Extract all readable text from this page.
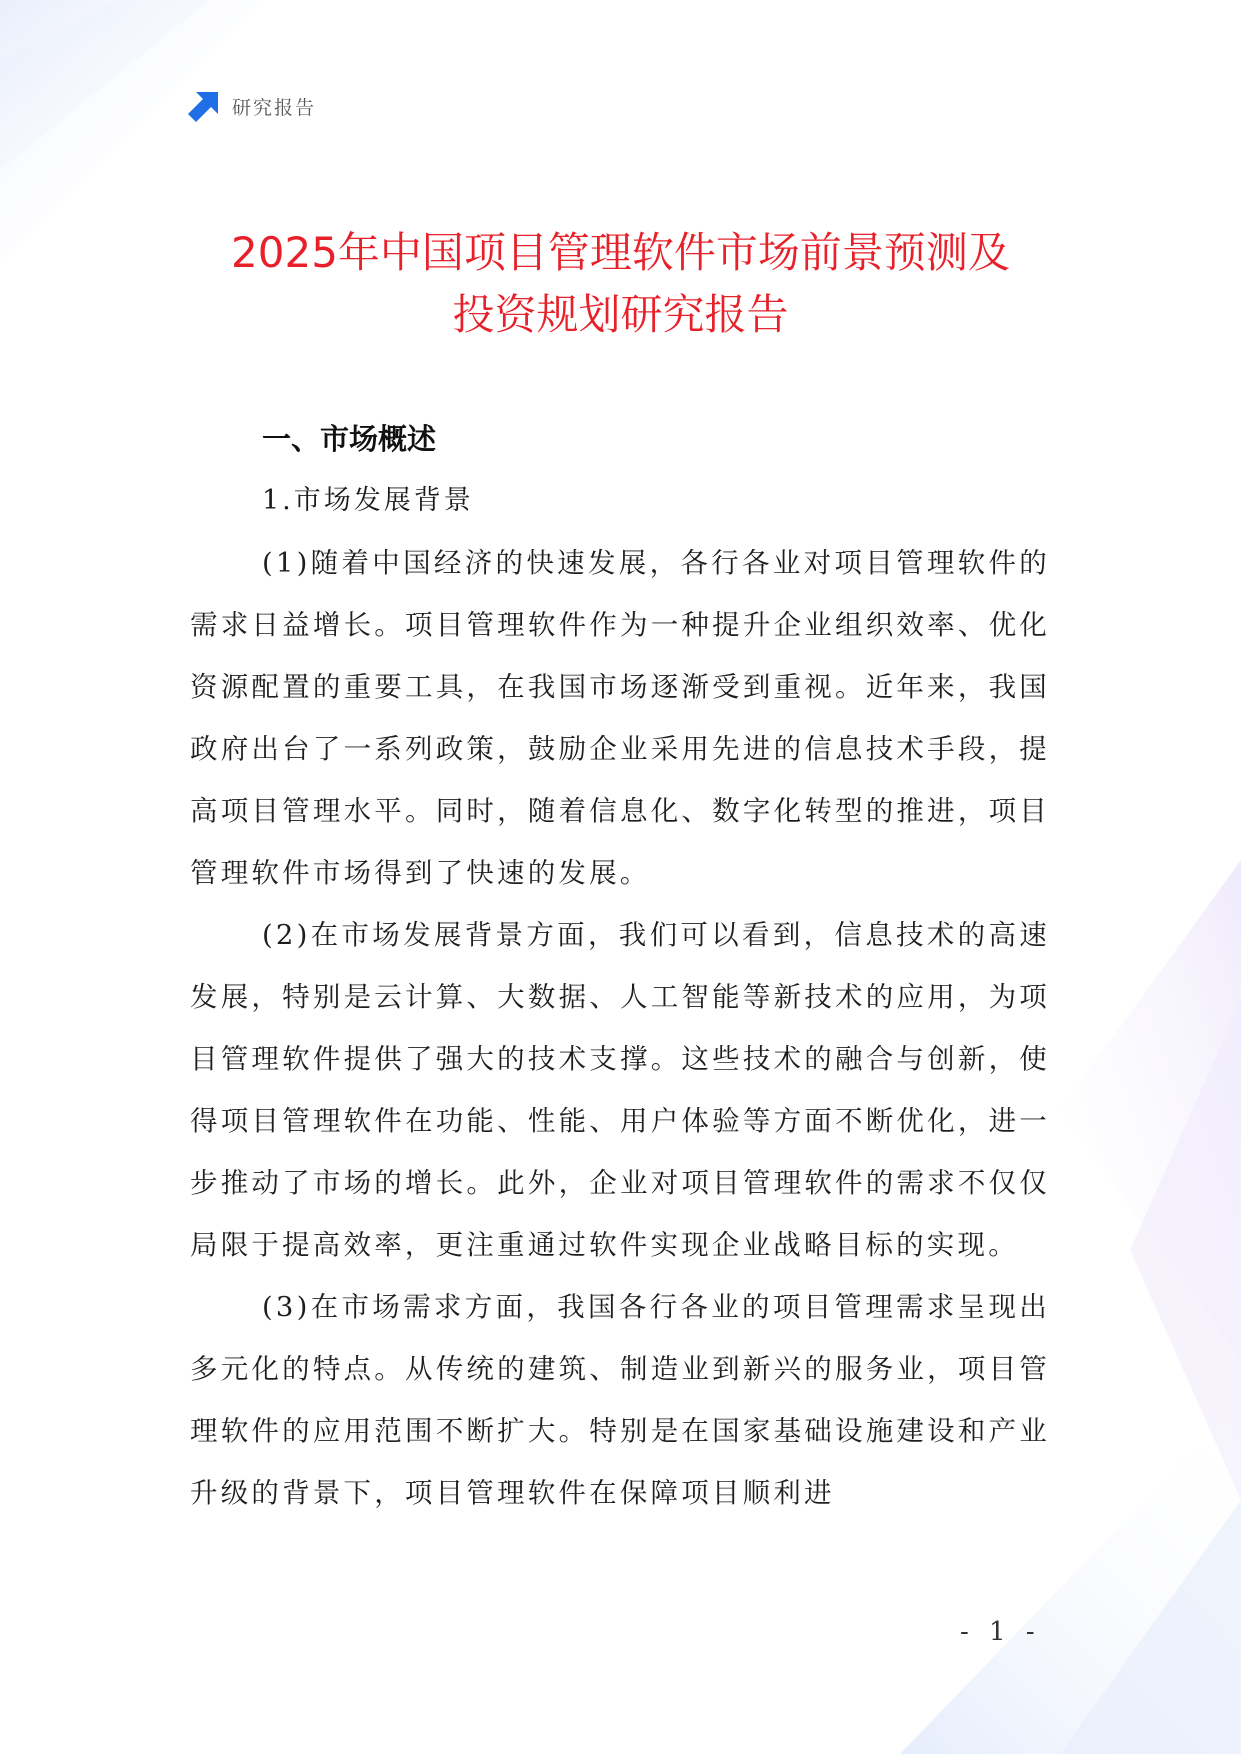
研究报告
2025年中国项目管理软件市场前景预测及
投资规划研究报告
一、市场概述
1.市场发展背景

(1)随着中国经济的快速发展，各行各业对项目管理软件的需求日益增长。项目管理软件作为一种提升企业组织效率、优化资源配置的重要工具，在我国市场逐渐受到重视。近年来，我国政府出台了一系列政策，鼓励企业采用先进的信息技术手段，提高项目管理水平。同时，随着信息化、数字化转型的推进，项目管理软件市场得到了快速的发展。

(2)在市场发展背景方面，我们可以看到，信息技术的高速发展，特别是云计算、大数据、人工智能等新技术的应用，为项目管理软件提供了强大的技术支撑。这些技术的融合与创新，使得项目管理软件在功能、性能、用户体验等方面不断优化，进一步推动了市场的增长。此外，企业对项目管理软件的需求不仅仅局限于提高效率，更注重通过软件实现企业战略目标的实现。

(3)在市场需求方面，我国各行各业的项目管理需求呈现出多元化的特点。从传统的建筑、制造业到新兴的服务业，项目管理软件的应用范围不断扩大。特别是在国家基础设施建设和产业升级的背景下，项目管理软件在保障项目顺利进

- 1 -
